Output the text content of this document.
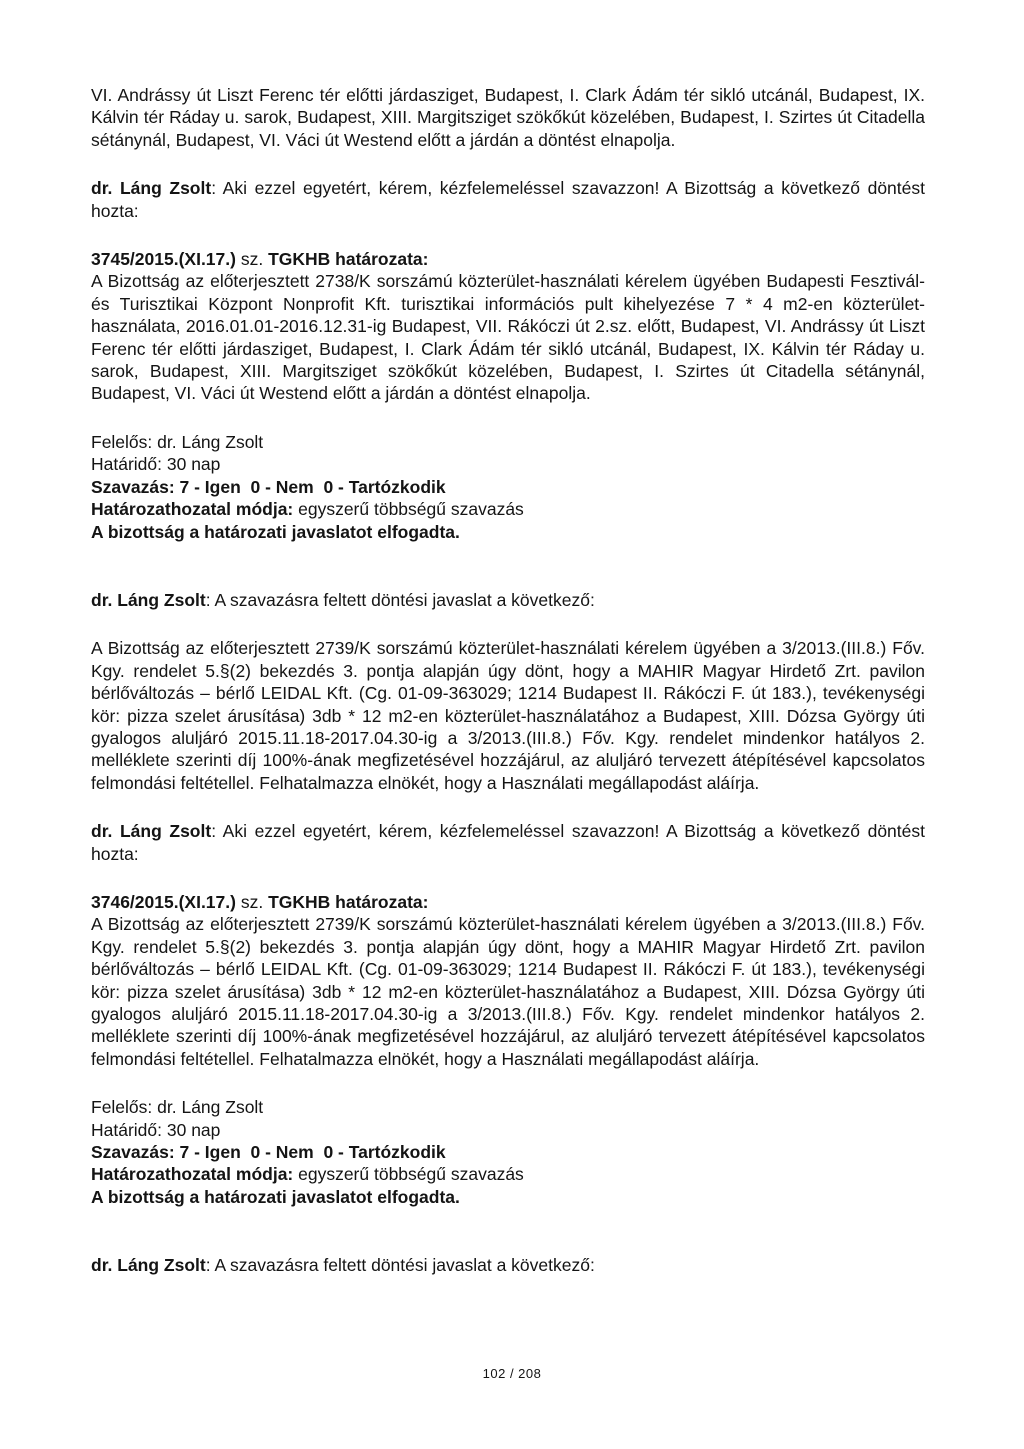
VI. Andrássy út Liszt Ferenc tér előtti járdasziget, Budapest, I. Clark Ádám tér sikló utcánál, Budapest, IX. Kálvin tér Ráday u. sarok, Budapest, XIII. Margitsziget szökőkút közelében, Budapest, I. Szirtes út Citadella sétánynál, Budapest, VI. Váci út Westend előtt a járdán a döntést elnapolja.

dr. Láng Zsolt: Aki ezzel egyetért, kérem, kézfelemeléssel szavazzon! A Bizottság a következő döntést hozta:

3745/2015.(XI.17.) sz. TGKHB határozata:
A Bizottság az előterjesztett 2738/K sorszámú közterület-használati kérelem ügyében Budapesti Fesztivál- és Turisztikai Központ Nonprofit Kft. turisztikai információs pult kihelyezése 7 * 4 m2-en közterület-használata, 2016.01.01-2016.12.31-ig Budapest, VII. Rákóczi út 2.sz. előtt, Budapest, VI. Andrássy út Liszt Ferenc tér előtti járdasziget, Budapest, I. Clark Ádám tér sikló utcánál, Budapest, IX. Kálvin tér Ráday u. sarok, Budapest, XIII. Margitsziget szökőkút közelében, Budapest, I. Szirtes út Citadella sétánynál, Budapest, VI. Váci út Westend előtt a járdán a döntést elnapolja.

Felelős: dr. Láng Zsolt
Határidő: 30 nap
Szavazás: 7 - Igen  0 - Nem  0 - Tartózkodik
Határozathozatal módja: egyszerű többségű szavazás
A bizottság a határozati javaslatot elfogadta.

dr. Láng Zsolt: A szavazásra feltett döntési javaslat a következő:

A Bizottság az előterjesztett 2739/K sorszámú közterület-használati kérelem ügyében a 3/2013.(III.8.) Főv. Kgy. rendelet 5.§(2) bekezdés 3. pontja alapján úgy dönt, hogy a MAHIR Magyar Hirdető Zrt. pavilon bérlőváltozás – bérlő LEIDAL Kft. (Cg. 01-09-363029; 1214 Budapest II. Rákóczi F. út 183.), tevékenységi kör: pizza szelet árusítása) 3db * 12 m2-en közterület-használatához a Budapest, XIII. Dózsa György úti gyalogos aluljáró 2015.11.18-2017.04.30-ig a 3/2013.(III.8.) Főv. Kgy. rendelet mindenkor hatályos 2. melléklete szerinti díj 100%-ának megfizetésével hozzájárul, az aluljáró tervezett átépítésével kapcsolatos felmondási feltétellel. Felhatalmazza elnökét, hogy a Használati megállapodást aláírja.

dr. Láng Zsolt: Aki ezzel egyetért, kérem, kézfelemeléssel szavazzon! A Bizottság a következő döntést hozta:

3746/2015.(XI.17.) sz. TGKHB határozata:
A Bizottság az előterjesztett 2739/K sorszámú közterület-használati kérelem ügyében a 3/2013.(III.8.) Főv. Kgy. rendelet 5.§(2) bekezdés 3. pontja alapján úgy dönt, hogy a MAHIR Magyar Hirdető Zrt. pavilon bérlőváltozás – bérlő LEIDAL Kft. (Cg. 01-09-363029; 1214 Budapest II. Rákóczi F. út 183.), tevékenységi kör: pizza szelet árusítása) 3db * 12 m2-en közterület-használatához a Budapest, XIII. Dózsa György úti gyalogos aluljáró 2015.11.18-2017.04.30-ig a 3/2013.(III.8.) Főv. Kgy. rendelet mindenkor hatályos 2. melléklete szerinti díj 100%-ának megfizetésével hozzájárul, az aluljáró tervezett átépítésével kapcsolatos felmondási feltétellel. Felhatalmazza elnökét, hogy a Használati megállapodást aláírja.

Felelős: dr. Láng Zsolt
Határidő: 30 nap
Szavazás: 7 - Igen  0 - Nem  0 - Tartózkodik
Határozathozatal módja: egyszerű többségű szavazás
A bizottság a határozati javaslatot elfogadta.

dr. Láng Zsolt: A szavazásra feltett döntési javaslat a következő:

102 / 208
